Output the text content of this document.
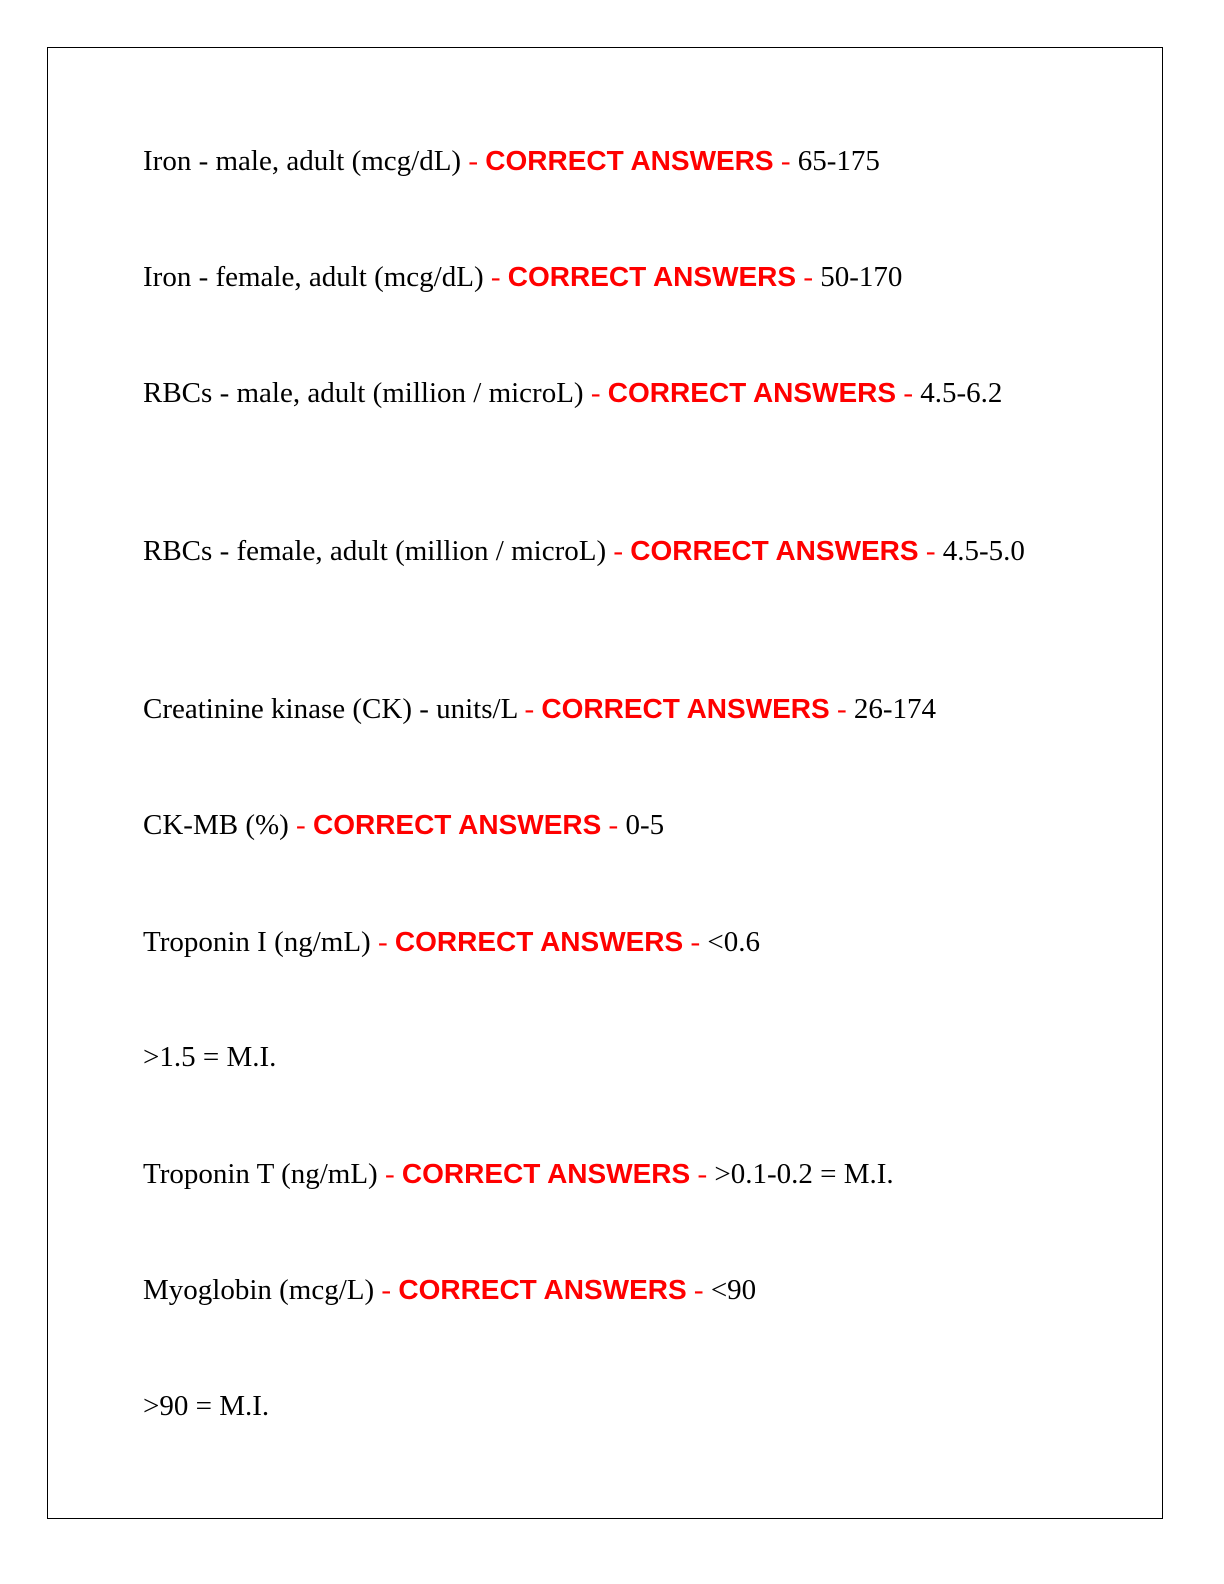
Iron - male, adult (mcg/dL) - CORRECT ANSWERS - 65-175

Iron - female, adult (mcg/dL) - CORRECT ANSWERS - 50-170

RBCs - male, adult (million / microL) - CORRECT ANSWERS - 4.5-6.2

RBCs - female, adult (million / microL) - CORRECT ANSWERS - 4.5-5.0

Creatinine kinase (CK) - units/L - CORRECT ANSWERS - 26-174

CK-MB (%) - CORRECT ANSWERS - 0-5

Troponin I (ng/mL) - CORRECT ANSWERS - <0.6

>1.5 = M.I.

Troponin T (ng/mL) - CORRECT ANSWERS - >0.1-0.2 = M.I.

Myoglobin (mcg/L) - CORRECT ANSWERS - <90

>90 = M.I.
